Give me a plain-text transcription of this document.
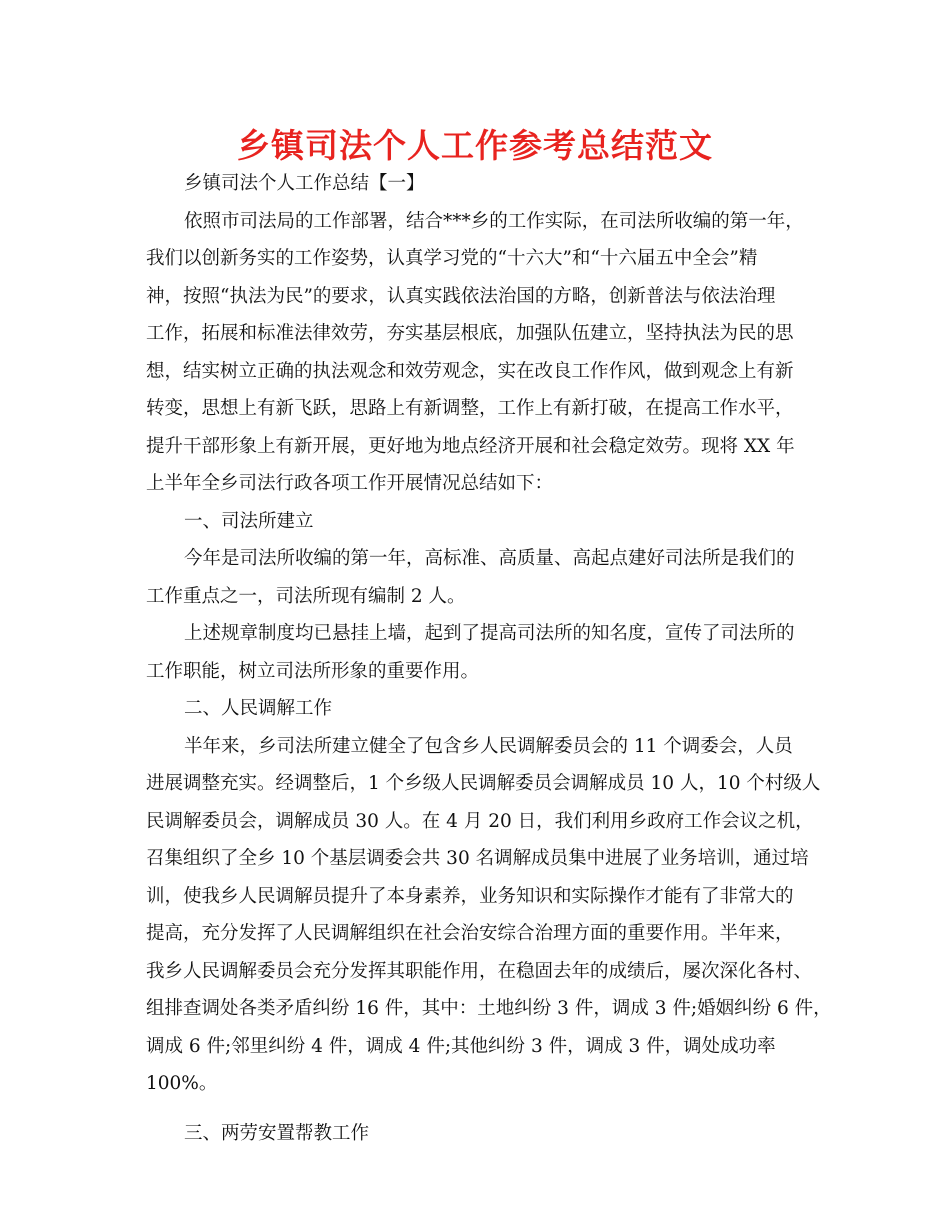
乡镇司法个人工作参考总结范文

乡镇司法个人工作总结【一】

依照市司法局的工作部署，结合***乡的工作实际，在司法所收编的第一年，

我们以创新务实的工作姿势，认真学习党的“十六大”和“十六届五中全会”精

神，按照“执法为民”的要求，认真实践依法治国的方略，创新普法与依法治理

工作，拓展和标准法律效劳，夯实基层根底，加强队伍建立，坚持执法为民的思

想，结实树立正确的执法观念和效劳观念，实在改良工作作风，做到观念上有新

转变，思想上有新飞跃，思路上有新调整，工作上有新打破，在提高工作水平，

提升干部形象上有新开展，更好地为地点经济开展和社会稳定效劳。现将 XX 年

上半年全乡司法行政各项工作开展情况总结如下：

一、司法所建立

今年是司法所收编的第一年，高标准、高质量、高起点建好司法所是我们的

工作重点之一，司法所现有编制 2 人。

上述规章制度均已悬挂上墙，起到了提高司法所的知名度，宣传了司法所的

工作职能，树立司法所形象的重要作用。

二、人民调解工作

半年来，乡司法所建立健全了包含乡人民调解委员会的 11 个调委会，人员

进展调整充实。经调整后，1 个乡级人民调解委员会调解成员 10 人，10 个村级人

民调解委员会，调解成员 30 人。在 4 月 20 日，我们利用乡政府工作会议之机，

召集组织了全乡 10 个基层调委会共 30 名调解成员集中进展了业务培训，通过培

训，使我乡人民调解员提升了本身素养，业务知识和实际操作才能有了非常大的

提高，充分发挥了人民调解组织在社会治安综合治理方面的重要作用。半年来，

我乡人民调解委员会充分发挥其职能作用，在稳固去年的成绩后，屡次深化各村、

组排查调处各类矛盾纠纷 16 件，其中：土地纠纷 3 件，调成 3 件;婚姻纠纷 6 件，

调成 6 件;邻里纠纷 4 件，调成 4 件;其他纠纷 3 件，调成 3 件，调处成功率

100%。

三、两劳安置帮教工作
